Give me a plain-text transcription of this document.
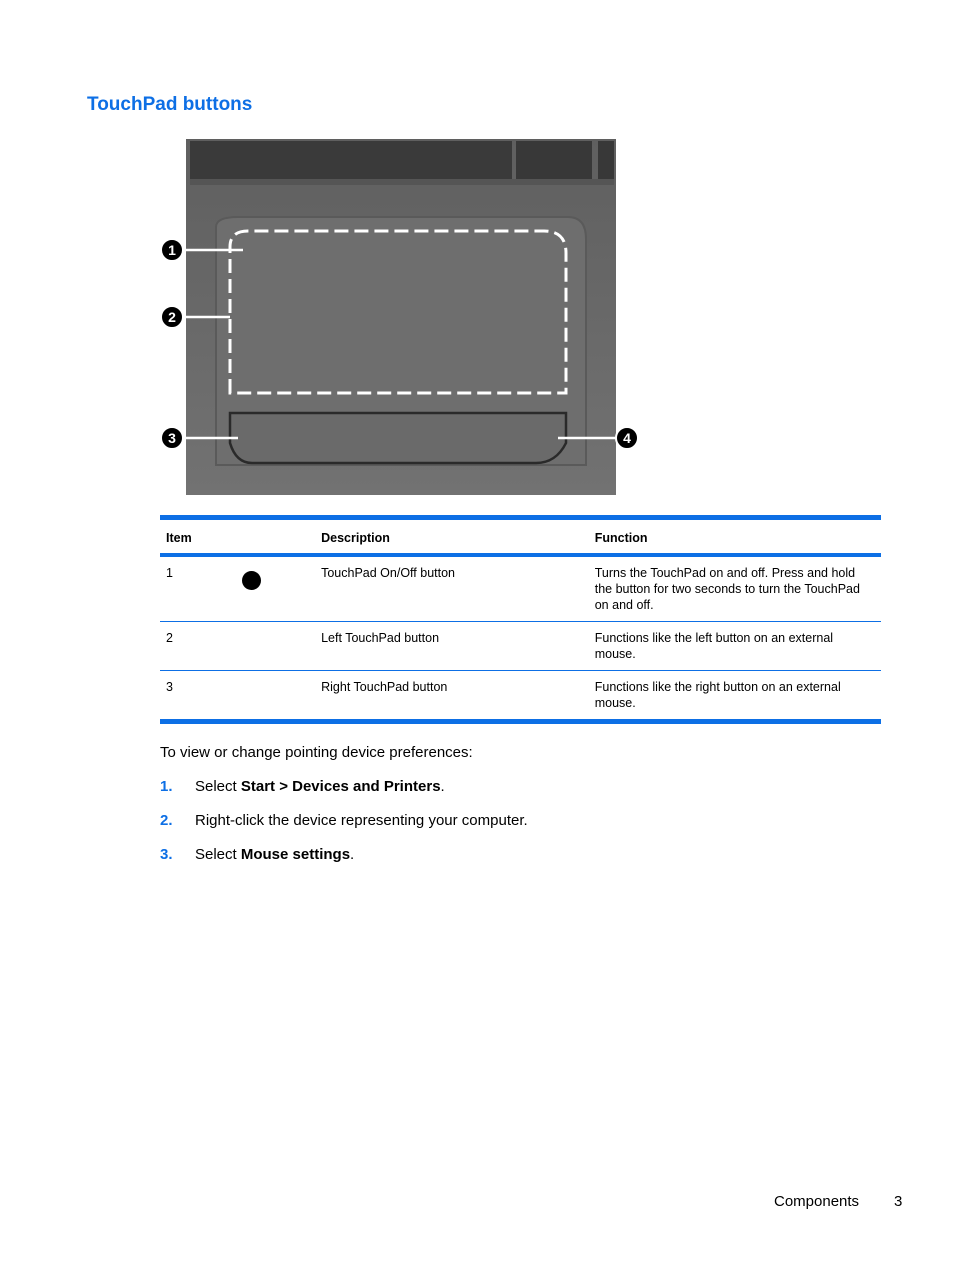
TouchPad buttons
1
2
3	4
Item		Description	Function
1		TouchPad On/Off button	Turns the TouchPad on and off. Press and hold the button for two seconds to turn the TouchPad on and off.
2		Left TouchPad button	Functions like the left button on an external mouse.
3		Right TouchPad button	Functions like the right button on an external mouse.

To view or change pointing device preferences:

1. Select Start > Devices and Printers.
2. Right-click the device representing your computer.
3. Select Mouse settings.
Components 3
